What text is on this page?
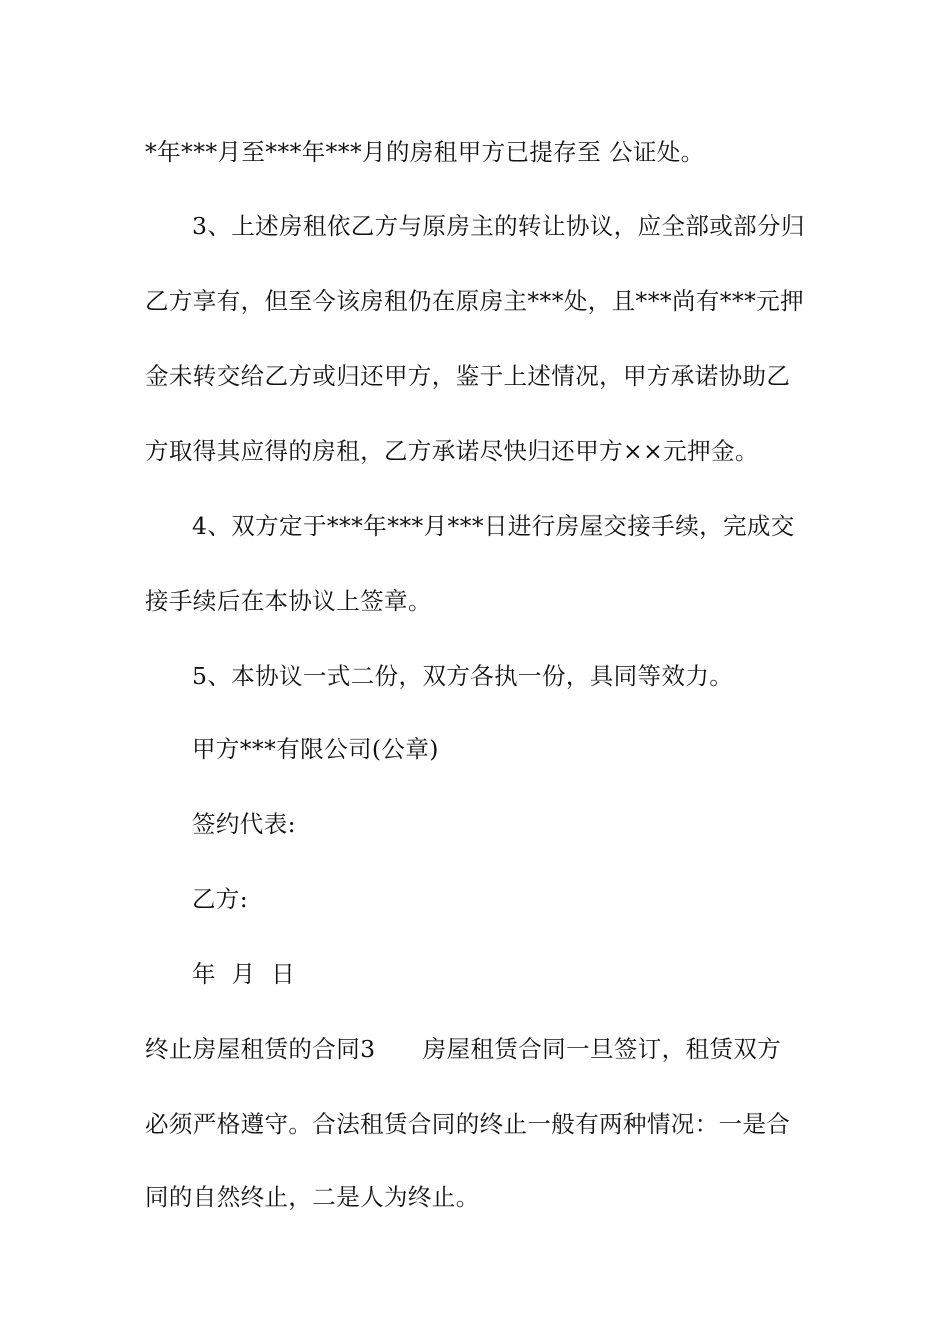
*年***月至***年***月的房租甲方已提存至 公证处。
3、上述房租依乙方与原房主的转让协议，应全部或部分归
乙方享有，但至今该房租仍在原房主***处，且***尚有***元押
金未转交给乙方或归还甲方，鉴于上述情况，甲方承诺协助乙
方取得其应得的房租，乙方承诺尽快归还甲方××元押金。
4、双方定于***年***月***日进行房屋交接手续，完成交
接手续后在本协议上签章。
5、本协议一式二份，双方各执一份，具同等效力。
甲方***有限公司(公章)
签约代表:
乙方:
年  月  日
终止房屋租赁的合同3      房屋租赁合同一旦签订，租赁双方
必须严格遵守。合法租赁合同的终止一般有两种情况：一是合
同的自然终止，二是人为终止。
